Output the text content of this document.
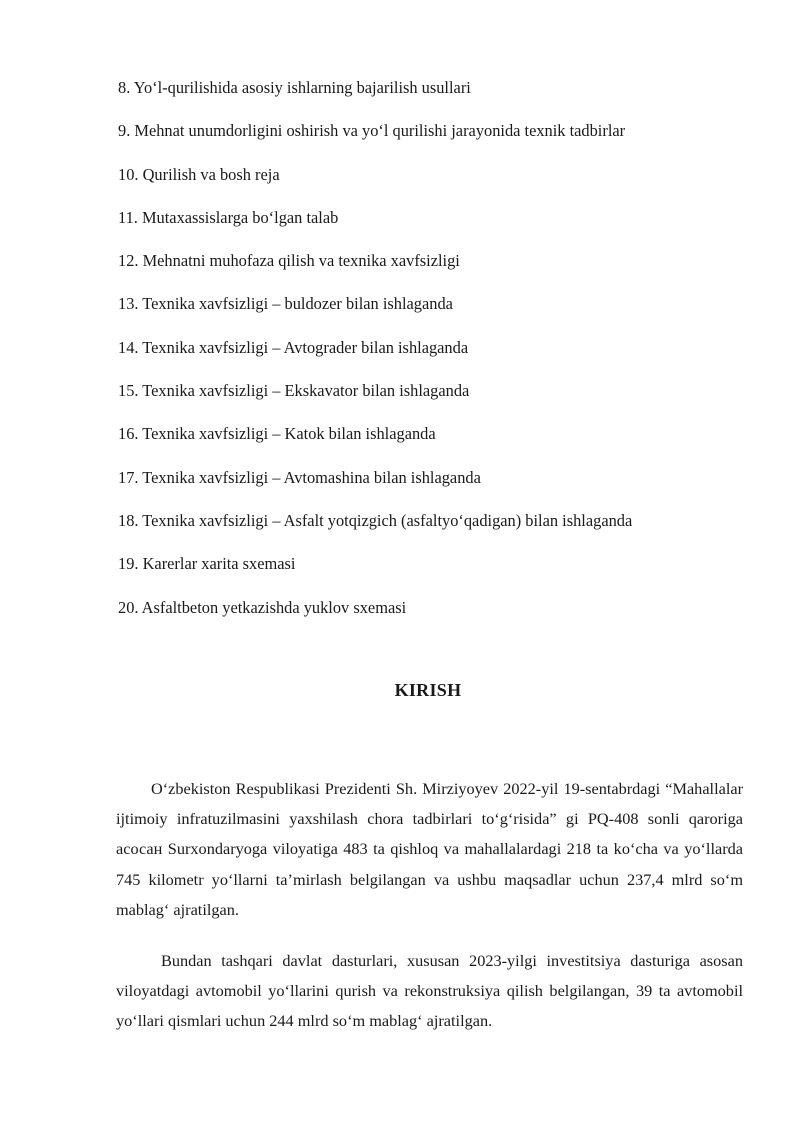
8. Yo‘l-qurilishida asosiy ishlarning bajarilish usullari
9. Mehnat unumdorligini oshirish va yo‘l qurilishi jarayonida texnik tadbirlar
10. Qurilish va bosh reja
11. Mutaxassislarga bo‘lgan talab
12. Mehnatni muhofaza qilish va texnika xavfsizligi
13. Texnika xavfsizligi – buldozer bilan ishlaganda
14. Texnika xavfsizligi – Avtograder bilan ishlaganda
15. Texnika xavfsizligi – Ekskavator bilan ishlaganda
16. Texnika xavfsizligi – Katok bilan ishlaganda
17. Texnika xavfsizligi – Avtomashina bilan ishlaganda
18. Texnika xavfsizligi – Asfalt yotqizgich (asfaltyo‘qadigan) bilan ishlaganda
19. Karerlar xarita sxemasi
20. Asfaltbeton yetkazishda yuklov sxemasi
KIRISH

O‘zbekiston Respublikasi Prezidenti Sh. Mirziyoyev 2022-yil 19-sentabrdagi “Mahallalar ijtimoiy infratuzilmasini yaxshilash chora tadbirlari to‘g‘risida” gi PQ-408 sonli qaroriga асосан Surxondaryoga viloyatiga 483 ta qishloq va mahallalardagi 218 ta ko‘cha va yo‘llarda 745 kilometr yo‘llarni ta’mirlash belgilangan va ushbu maqsadlar uchun 237,4 mlrd so‘m mablag‘ ajratilgan.

Bundan tashqari davlat dasturlari, xususan 2023-yilgi investitsiya dasturiga asosan viloyatdagi avtomobil yo‘llarini qurish va rekonstruksiya qilish belgilangan, 39 ta avtomobil yo‘llari qismlari uchun 244 mlrd so‘m mablag‘ ajratilgan.
